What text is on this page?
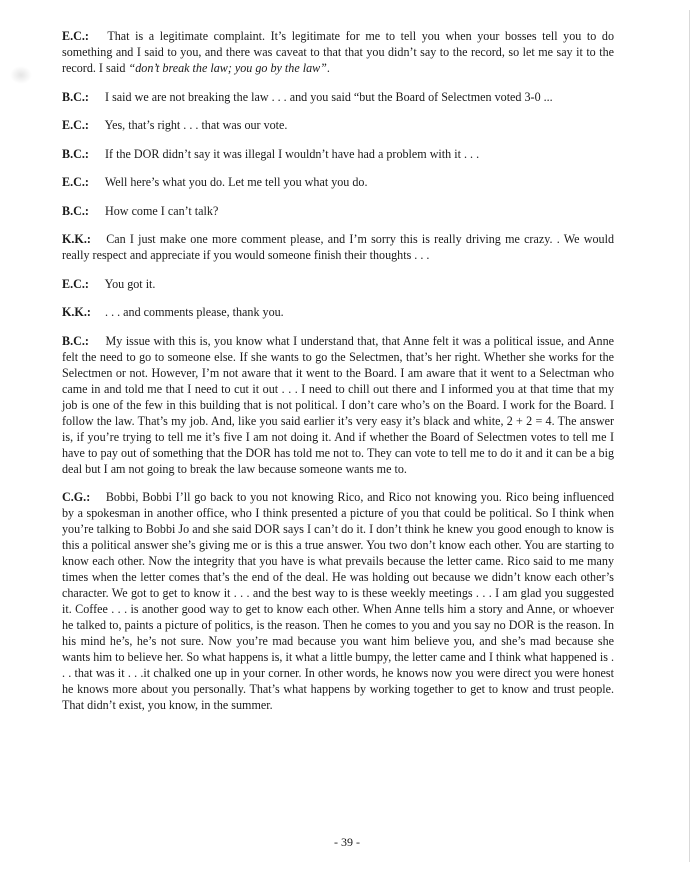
E.C.: That is a legitimate complaint. It’s legitimate for me to tell you when your bosses tell you to do something and I said to you, and there was caveat to that that you didn’t say to the record, so let me say it to the record. I said “don’t break the law; you go by the law”.

B.C.: I said we are not breaking the law . . . and you said “but the Board of Selectmen voted 3-0 ...

E.C.: Yes, that’s right . . . that was our vote.

B.C.: If the DOR didn’t say it was illegal I wouldn’t have had a problem with it . . .

E.C.: Well here’s what you do. Let me tell you what you do.

B.C.: How come I can’t talk?

K.K.: Can I just make one more comment please, and I’m sorry this is really driving me crazy. . We would really respect and appreciate if you would someone finish their thoughts . . .

E.C.: You got it.

K.K.: . . . and comments please, thank you.

B.C.: My issue with this is, you know what I understand that, that Anne felt it was a political issue, and Anne felt the need to go to someone else. If she wants to go the Selectmen, that’s her right. Whether she works for the Selectmen or not. However, I’m not aware that it went to the Board. I am aware that it went to a Selectman who came in and told me that I need to cut it out . . . I need to chill out there and I informed you at that time that my job is one of the few in this building that is not political. I don’t care who’s on the Board. I work for the Board. I follow the law. That’s my job. And, like you said earlier it’s very easy it’s black and white, 2 + 2 = 4. The answer is, if you’re trying to tell me it’s five I am not doing it. And if whether the Board of Selectmen votes to tell me I have to pay out of something that the DOR has told me not to. They can vote to tell me to do it and it can be a big deal but I am not going to break the law because someone wants me to.

C.G.: Bobbi, Bobbi I’ll go back to you not knowing Rico, and Rico not knowing you. Rico being influenced by a spokesman in another office, who I think presented a picture of you that could be political. So I think when you’re talking to Bobbi Jo and she said DOR says I can’t do it. I don’t think he knew you good enough to know is this a political answer she’s giving me or is this a true answer. You two don’t know each other. You are starting to know each other. Now the integrity that you have is what prevails because the letter came. Rico said to me many times when the letter comes that’s the end of the deal. He was holding out because we didn’t know each other’s character. We got to get to know it . . . and the best way to is these weekly meetings . . . I am glad you suggested it. Coffee . . . is another good way to get to know each other. When Anne tells him a story and Anne, or whoever he talked to, paints a picture of politics, is the reason. Then he comes to you and you say no DOR is the reason. In his mind he’s, he’s not sure. Now you’re mad because you want him believe you, and she’s mad because she wants him to believe her. So what happens is, it what a little bumpy, the letter came and I think what happened is . . . that was it . . .it chalked one up in your corner. In other words, he knows now you were direct you were honest he knows more about you personally. That’s what happens by working together to get to know and trust people. That didn’t exist, you know, in the summer.

- 39 -
